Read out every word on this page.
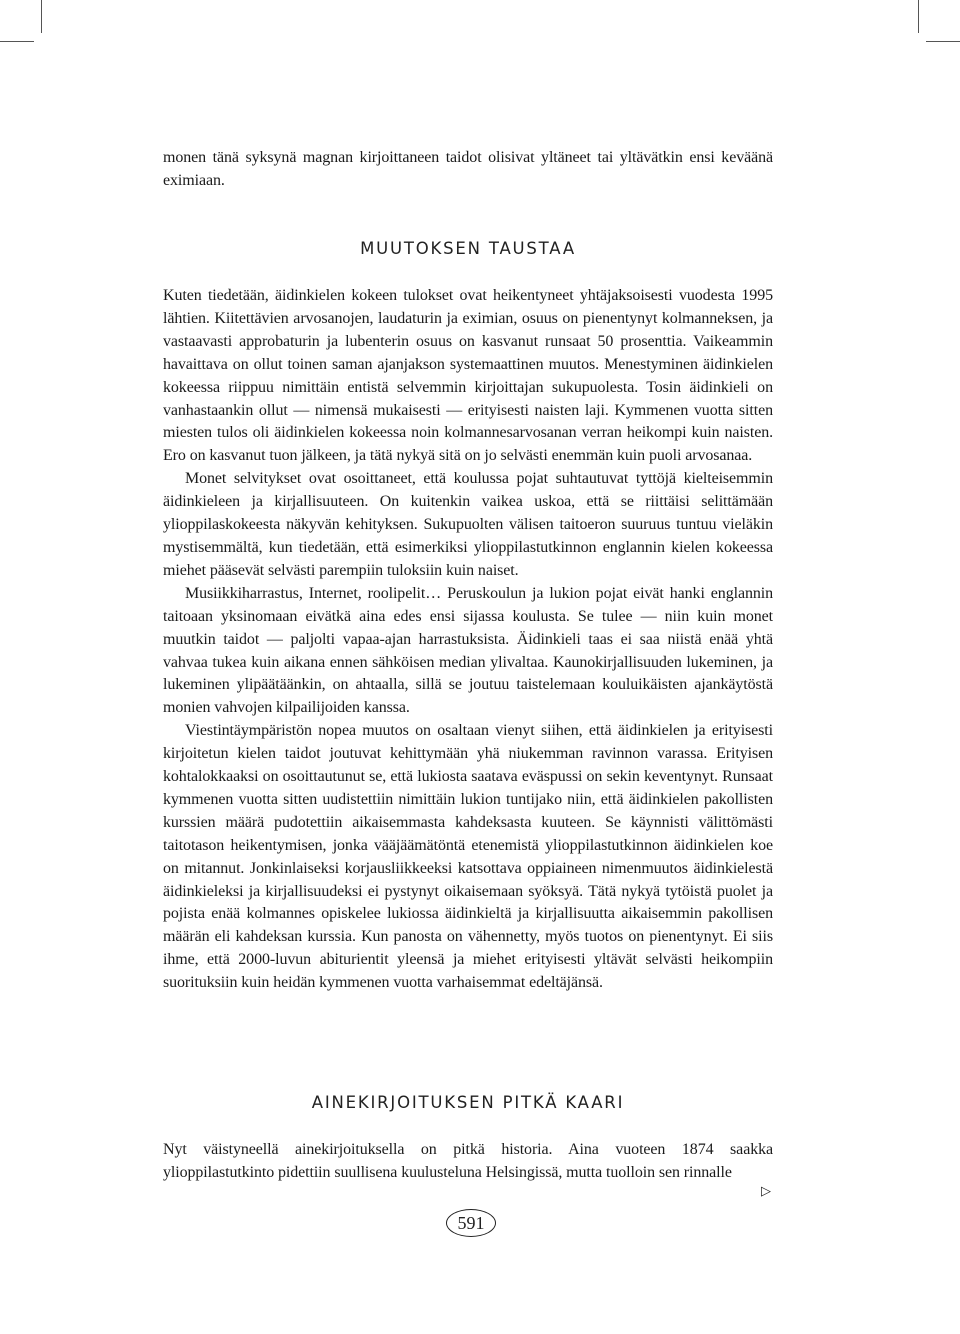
monen tänä syksynä magnan kirjoittaneen taidot olisivat yltäneet tai yltävätkin ensi keväänä eximiaan.

MUUTOKSEN TAUSTAA

Kuten tiedetään, äidinkielen kokeen tulokset ovat heikentyneet yhtäjaksoisesti vuodesta 1995 lähtien. Kiitettävien arvosanojen, laudaturin ja eximian, osuus on pienentynyt kolmanneksen, ja vastaavasti approbaturin ja lubenterin osuus on kasvanut runsaat 50 prosenttia. Vaikeammin havaittava on ollut toinen saman ajanjakson systemaattinen muutos. Menestyminen äidinkielen kokeessa riippuu nimittäin entistä selvemmin kirjoittajan sukupuolesta. Tosin äidinkieli on vanhastaankin ollut — nimensä mukaisesti — erityisesti naisten laji. Kymmenen vuotta sitten miesten tulos oli äidinkielen kokeessa noin kolmannesarvosanan verran heikompi kuin naisten. Ero on kasvanut tuon jälkeen, ja tätä nykyä sitä on jo selvästi enemmän kuin puoli arvosanaa.

Monet selvitykset ovat osoittaneet, että koulussa pojat suhtautuvat tyttöjä kielteisemmin äidinkieleen ja kirjallisuuteen. On kuitenkin vaikea uskoa, että se riittäisi selittämään ylioppilaskokeesta näkyvän kehityksen. Sukupuolten välisen taitoeron suuruus tuntuu vieläkin mystisemmältä, kun tiedetään, että esimerkiksi ylioppilastutkinnon englannin kielen kokeessa miehet pääsevät selvästi parempiin tuloksiin kuin naiset.

Musiikkiharrastus, Internet, roolipelit… Peruskoulun ja lukion pojat eivät hanki englannin taitoaan yksinomaan eivätkä aina edes ensi sijassa koulusta. Se tulee — niin kuin monet muutkin taidot — paljolti vapaa-ajan harrastuksista. Äidinkieli taas ei saa niistä enää yhtä vahvaa tukea kuin aikana ennen sähköisen median ylivaltaa. Kaunokirjallisuuden lukeminen, ja lukeminen ylipäätäänkin, on ahtaalla, sillä se joutuu taistelemaan kouluikäisten ajankäytöstä monien vahvojen kilpailijoiden kanssa.

Viestintäympäristön nopea muutos on osaltaan vienyt siihen, että äidinkielen ja erityisesti kirjoitetun kielen taidot joutuvat kehittymään yhä niukemman ravinnon varassa. Erityisen kohtalokkaaksi on osoittautunut se, että lukiosta saatava eväspussi on sekin keventynyt. Runsaat kymmenen vuotta sitten uudistettiin nimittäin lukion tuntijako niin, että äidinkielen pakollisten kurssien määrä pudotettiin aikaisemmasta kahdeksasta kuuteen. Se käynnisti välittömästi taitotason heikentymisen, jonka vääjäämätöntä etenemistä ylioppilastutkinnon äidinkielen koe on mitannut. Jonkinlaiseksi korjausliikkeeksi katsottava oppiaineen nimenmuutos äidinkielestä äidinkieleksi ja kirjallisuudeksi ei pystynyt oikaisemaan syöksyä. Tätä nykyä tytöistä puolet ja pojista enää kolmannes opiskelee lukiossa äidinkieltä ja kirjallisuutta aikaisemmin pakollisen määrän eli kahdeksan kurssia. Kun panosta on vähennetty, myös tuotos on pienentynyt. Ei siis ihme, että 2000-luvun abiturientit yleensä ja miehet erityisesti yltävät selvästi heikompiin suorituksiin kuin heidän kymmenen vuotta varhaisemmat edeltäjänsä.

AINEKIRJOITUKSEN PITKÄ KAARI

Nyt väistyneellä ainekirjoituksella on pitkä historia. Aina vuoteen 1874 saakka ylioppilastutkinto pidettiin suullisena kuulusteluna Helsingissä, mutta tuolloin sen rinnalle

▷
591
